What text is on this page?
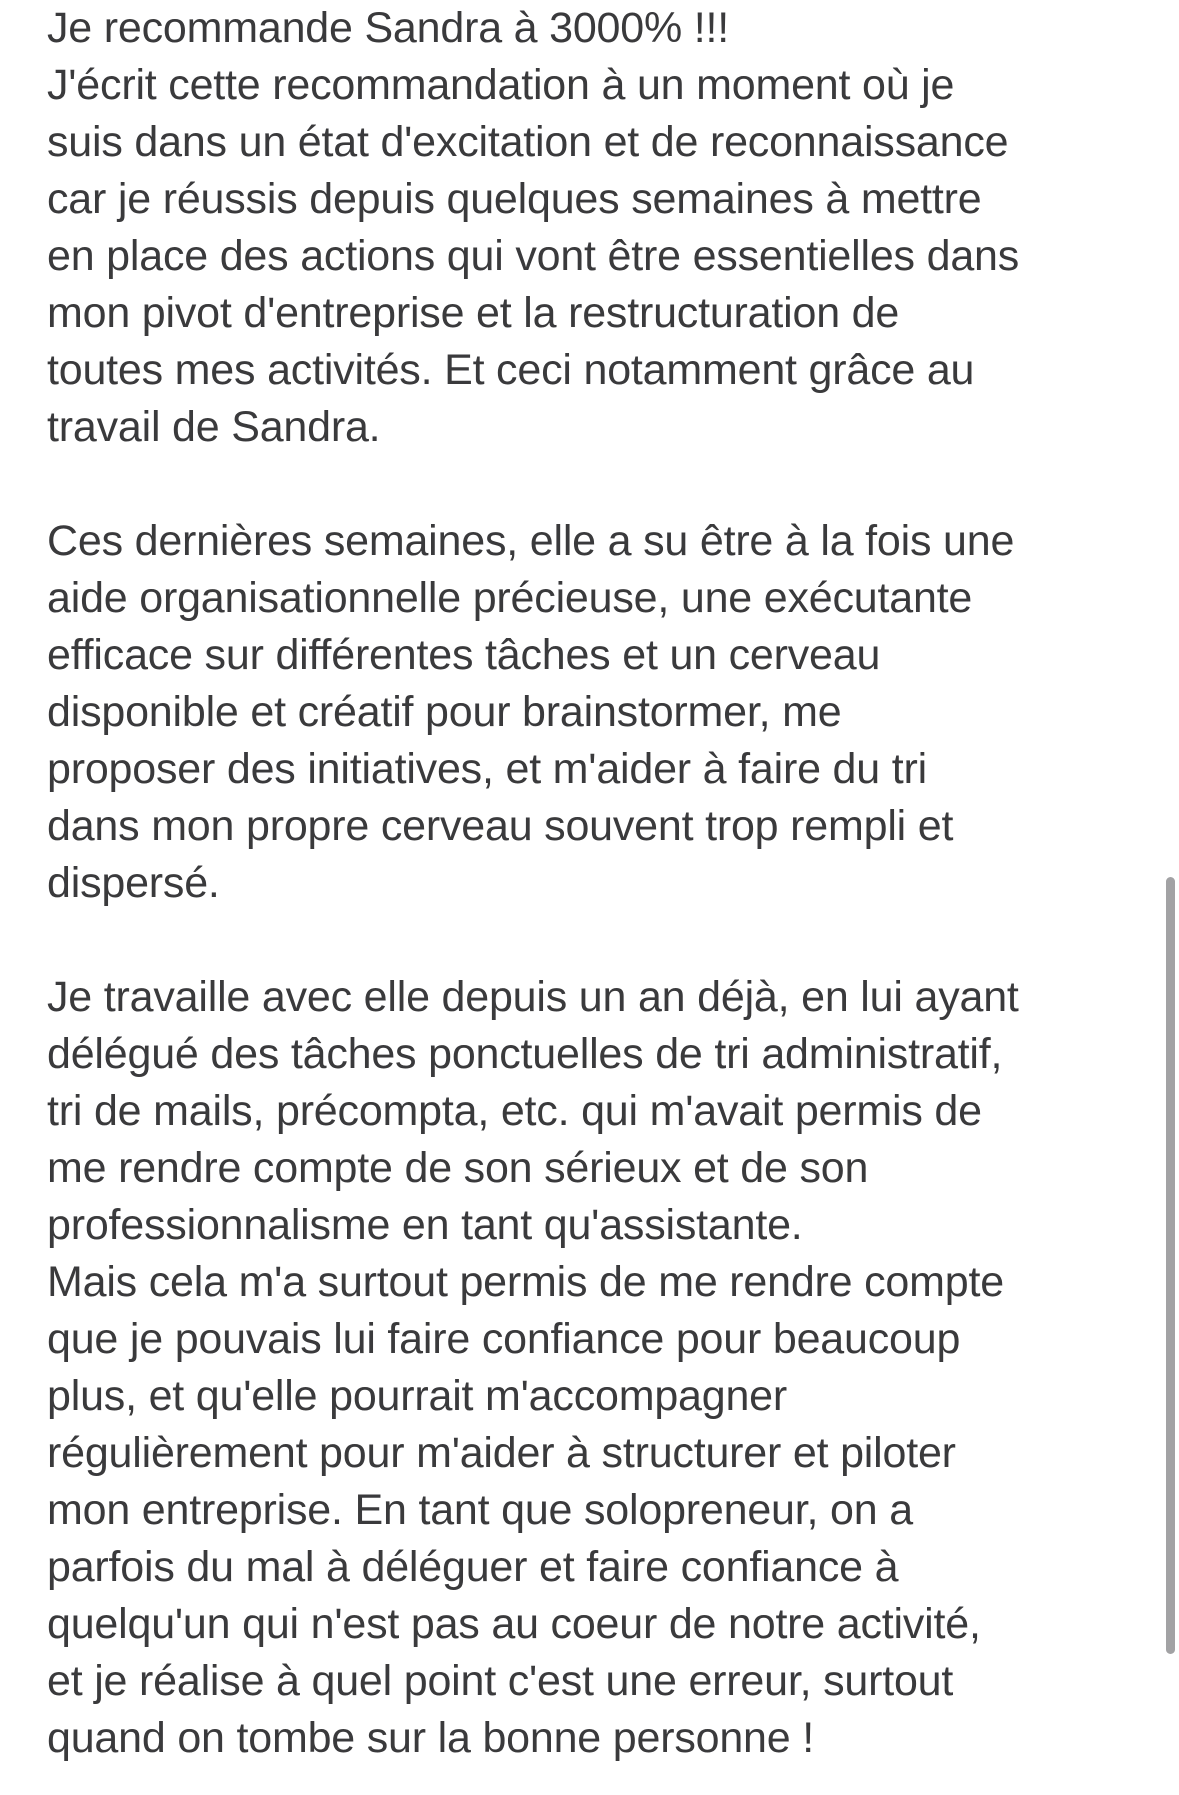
Je recommande Sandra à 3000% !!!
J'écrit cette recommandation à un moment où je
suis dans un état d'excitation et de reconnaissance
car je réussis depuis quelques semaines à mettre
en place des actions qui vont être essentielles dans
mon pivot d'entreprise et la restructuration de
toutes mes activités. Et ceci notamment grâce au
travail de Sandra.
Ces dernières semaines, elle a su être à la fois une
aide organisationnelle précieuse, une exécutante
efficace sur différentes tâches et un cerveau
disponible et créatif pour brainstormer, me
proposer des initiatives, et m'aider à faire du tri
dans mon propre cerveau souvent trop rempli et
dispersé.
Je travaille avec elle depuis un an déjà, en lui ayant
délégué des tâches ponctuelles de tri administratif,
tri de mails, précompta, etc. qui m'avait permis de
me rendre compte de son sérieux et de son
professionnalisme en tant qu'assistante.
Mais cela m'a surtout permis de me rendre compte
que je pouvais lui faire confiance pour beaucoup
plus, et qu'elle pourrait m'accompagner
régulièrement pour m'aider à structurer et piloter
mon entreprise. En tant que solopreneur, on a
parfois du mal à déléguer et faire confiance à
quelqu'un qui n'est pas au coeur de notre activité,
et je réalise à quel point c'est une erreur, surtout
quand on tombe sur la bonne personne !
